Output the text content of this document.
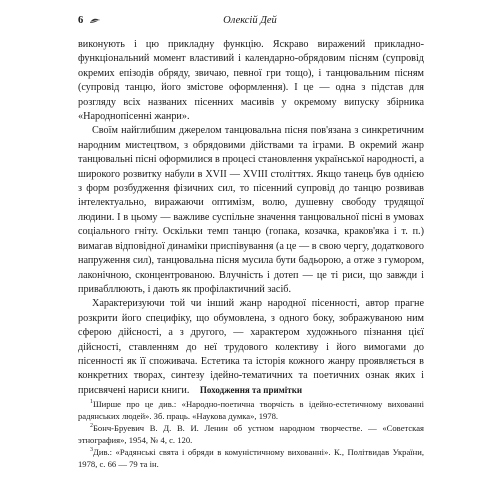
6	Олексій Дей

виконують і цю прикладну функцію. Яскраво виражений прикладно-функціональний момент властивий і календарно-обрядовим пісням (супровід окремих епізодів обряду, звичаю, певної гри тощо), і танцювальним пісням (супровід танцю, його змістове оформлення). І це — одна з підстав для розгляду всіх названих пісенних масивів у окремому випуску збірника «Народнопісенні жанри».

Своїм найглибшим джерелом танцювальна пісня пов'язана з синкретичним народним мистецтвом, з обрядовими дійствами та іграми. В окремий жанр танцювальні пісні оформилися в процесі становлення української народності, а широкого розвитку набули в XVII — XVIII століттях. Якщо танець був однією з форм розбудження фізичних сил, то пісенний супровід до танцю розвивав інтелектуально, виражаючи оптимізм, волю, душевну свободу трудящої людини. І в цьому — важливе суспільне значення танцювальної пісні в умовах соціального гніту. Оскільки темп танцю (гопака, козачка, краков'яка і т. п.) вимагав відповідної динаміки приспівування (а це — в свою чергу, додаткового напруження сил), танцювальна пісня мусила бути бадьорою, а отже з гумором, лаконічною, сконцентрованою. Влучність і дотеп — це ті риси, що завжди і привабллюють, і дають як профілактичний засіб.

Характеризуючи той чи інший жанр народної пісенності, автор прагне розкрити його специфіку, що обумовлена, з одного боку, зображуваною ним сферою дійсності, а з другого, — характером художнього пізнання цієї дійсності, ставленням до неї трудового колективу і його вимогами до пісенності як її споживача. Естетика та історія кожного жанру проявляється в конкретних творах, синтезу ідейно-тематичних та поетичних ознак яких і присвячені нариси книги.	Походження та примітки

$^1$Ширше про це див.: «Народно-поетична творчість в ідейно-естетичному вихованні радянських людей». Зб. праць. «Наукова думка», 1978.

$^2$Бонч-Бруевич В. Д. В. И. Ленин об устном народном творчестве. — «Советская этнография», 1954, № 4, с. 120.

$^3$Див.: «Радянські свята і обряди в комуністичному вихованні». К., Політвидав України, 1978, с. 66 — 79 та ін.
